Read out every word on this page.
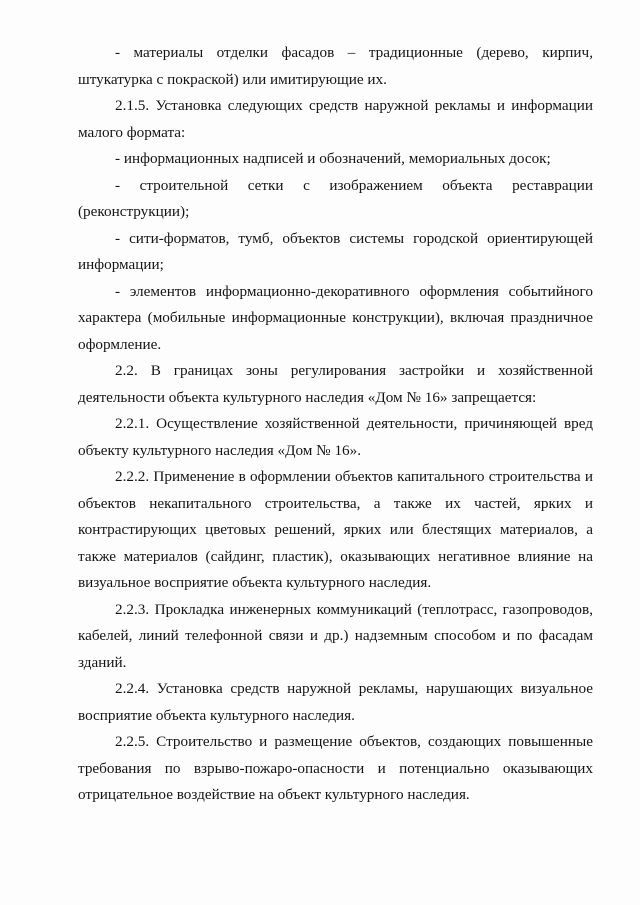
- материалы отделки фасадов – традиционные (дерево, кирпич, штукатурка с покраской) или имитирующие их.

2.1.5. Установка следующих средств наружной рекламы и информации малого формата:

- информационных надписей и обозначений, мемориальных досок;

- строительной сетки с изображением объекта реставрации (реконструкции);

- сити-форматов, тумб, объектов системы городской ориентирующей информации;

- элементов информационно-декоративного оформления событийного характера (мобильные информационные конструкции), включая праздничное оформление.

2.2. В границах зоны регулирования застройки и хозяйственной деятельности объекта культурного наследия «Дом № 16» запрещается:

2.2.1. Осуществление хозяйственной деятельности, причиняющей вред объекту культурного наследия «Дом № 16».

2.2.2. Применение в оформлении объектов капитального строительства и объектов некапитального строительства, а также их частей, ярких и контрастирующих цветовых решений, ярких или блестящих материалов, а также материалов (сайдинг, пластик), оказывающих негативное влияние на визуальное восприятие объекта культурного наследия.

2.2.3. Прокладка инженерных коммуникаций (теплотрасс, газопроводов, кабелей, линий телефонной связи и др.) надземным способом и по фасадам зданий.

2.2.4. Установка средств наружной рекламы, нарушающих визуальное восприятие объекта культурного наследия.

2.2.5. Строительство и размещение объектов, создающих повышенные требования по взрыво-пожаро-опасности и потенциально оказывающих отрицательное воздействие на объект культурного наследия.
